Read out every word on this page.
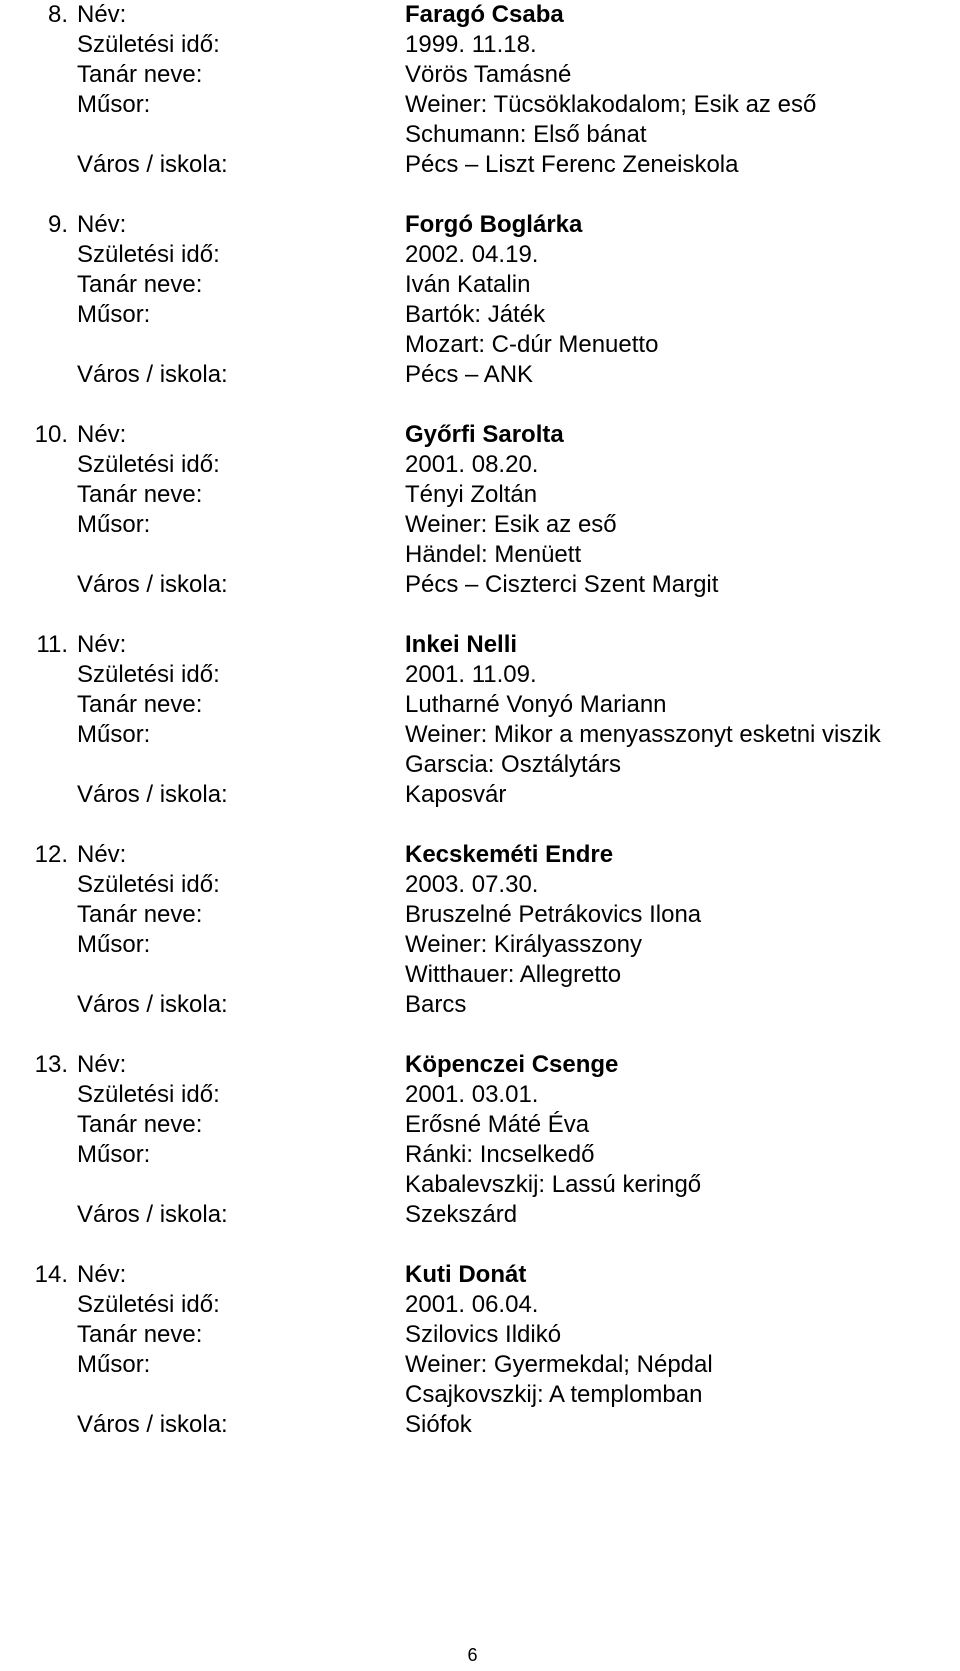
8. Név:	Faragó Csaba
Születési idő:	1999. 11.18.
Tanár neve:	Vörös Tamásné
Műsor:	Weiner: Tücsöklakodalom; Esik az eső
Schumann: Első bánat
Város / iskola:	Pécs – Liszt Ferenc Zeneiskola
9. Név:	Forgó Boglárka
Születési idő:	2002. 04.19.
Tanár neve:	Iván Katalin
Műsor:	Bartók: Játék
Mozart: C-dúr Menuetto
Város / iskola:	Pécs – ANK
10. Név:	Győrfi Sarolta
Születési idő:	2001. 08.20.
Tanár neve:	Tényi Zoltán
Műsor:	Weiner: Esik az eső
Händel: Menüett
Város / iskola:	Pécs – Ciszterci Szent Margit
11. Név:	Inkei Nelli
Születési idő:	2001. 11.09.
Tanár neve:	Lutharné Vonyó Mariann
Műsor:	Weiner: Mikor a menyasszonyt esketni viszik
Garscia: Osztálytárs
Város / iskola:	Kaposvár
12. Név:	Kecskeméti Endre
Születési idő:	2003. 07.30.
Tanár neve:	Bruszelné Petrákovics Ilona
Műsor:	Weiner: Királyasszony
Witthauer: Allegretto
Város / iskola:	Barcs
13. Név:	Köpenczei Csenge
Születési idő:	2001. 03.01.
Tanár neve:	Erősné Máté Éva
Műsor:	Ránki: Incselkedő
Kabalevszkij: Lassú keringő
Város / iskola:	Szekszárd
14. Név:	Kuti Donát
Születési idő:	2001. 06.04.
Tanár neve:	Szilovics Ildikó
Műsor:	Weiner: Gyermekdal; Népdal
Csajkovszkij: A templomban
Város / iskola:	Siófok
6
